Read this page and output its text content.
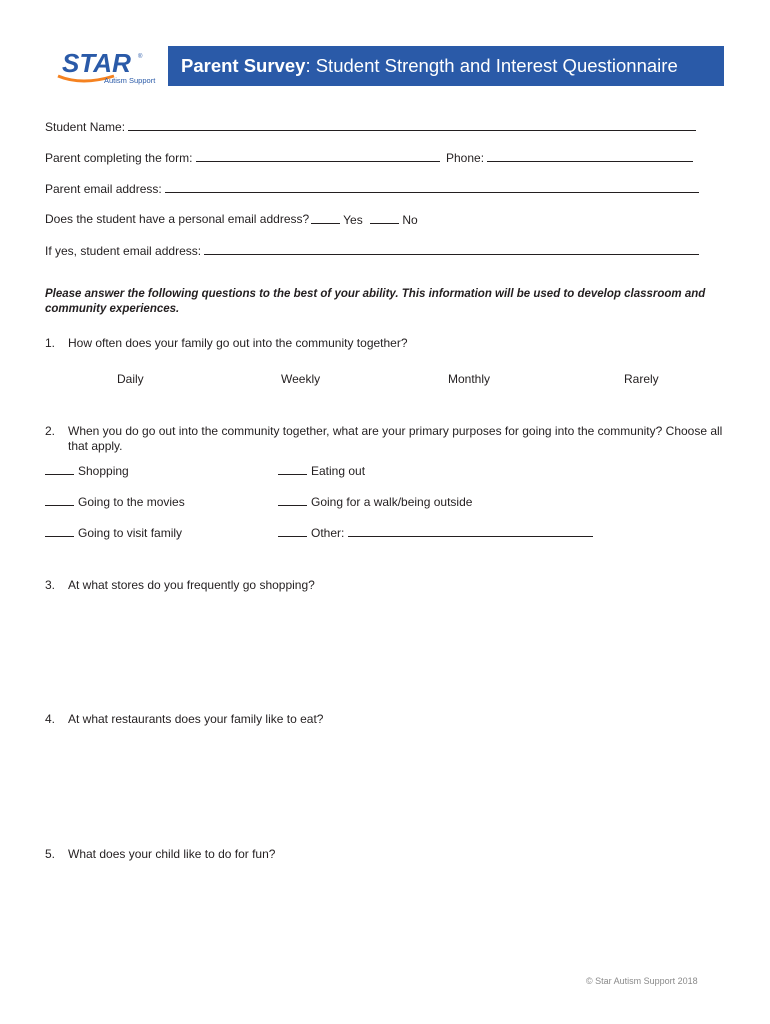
STAR ®
Autism Support
Parent Survey: Student Strength and Interest Questionnaire
Student Name:
Parent completing the form:	Phone:
Parent email address:
Does the student have a personal email address?	Yes	No
If yes, student email address:
Please answer the following questions to the best of your ability. This information will be used to develop classroom and community experiences.
1. How often does your family go out into the community together?
Daily	Weekly	Monthly	Rarely
2. When you do go out into the community together, what are your primary purposes for going into the community? Choose all that apply.
Shopping	Eating out
Going to the movies	Going for a walk/being outside
Going to visit family	Other:
3. At what stores do you frequently go shopping?
4. At what restaurants does your family like to eat?
5. What does your child like to do for fun?
© Star Autism Support 2018
